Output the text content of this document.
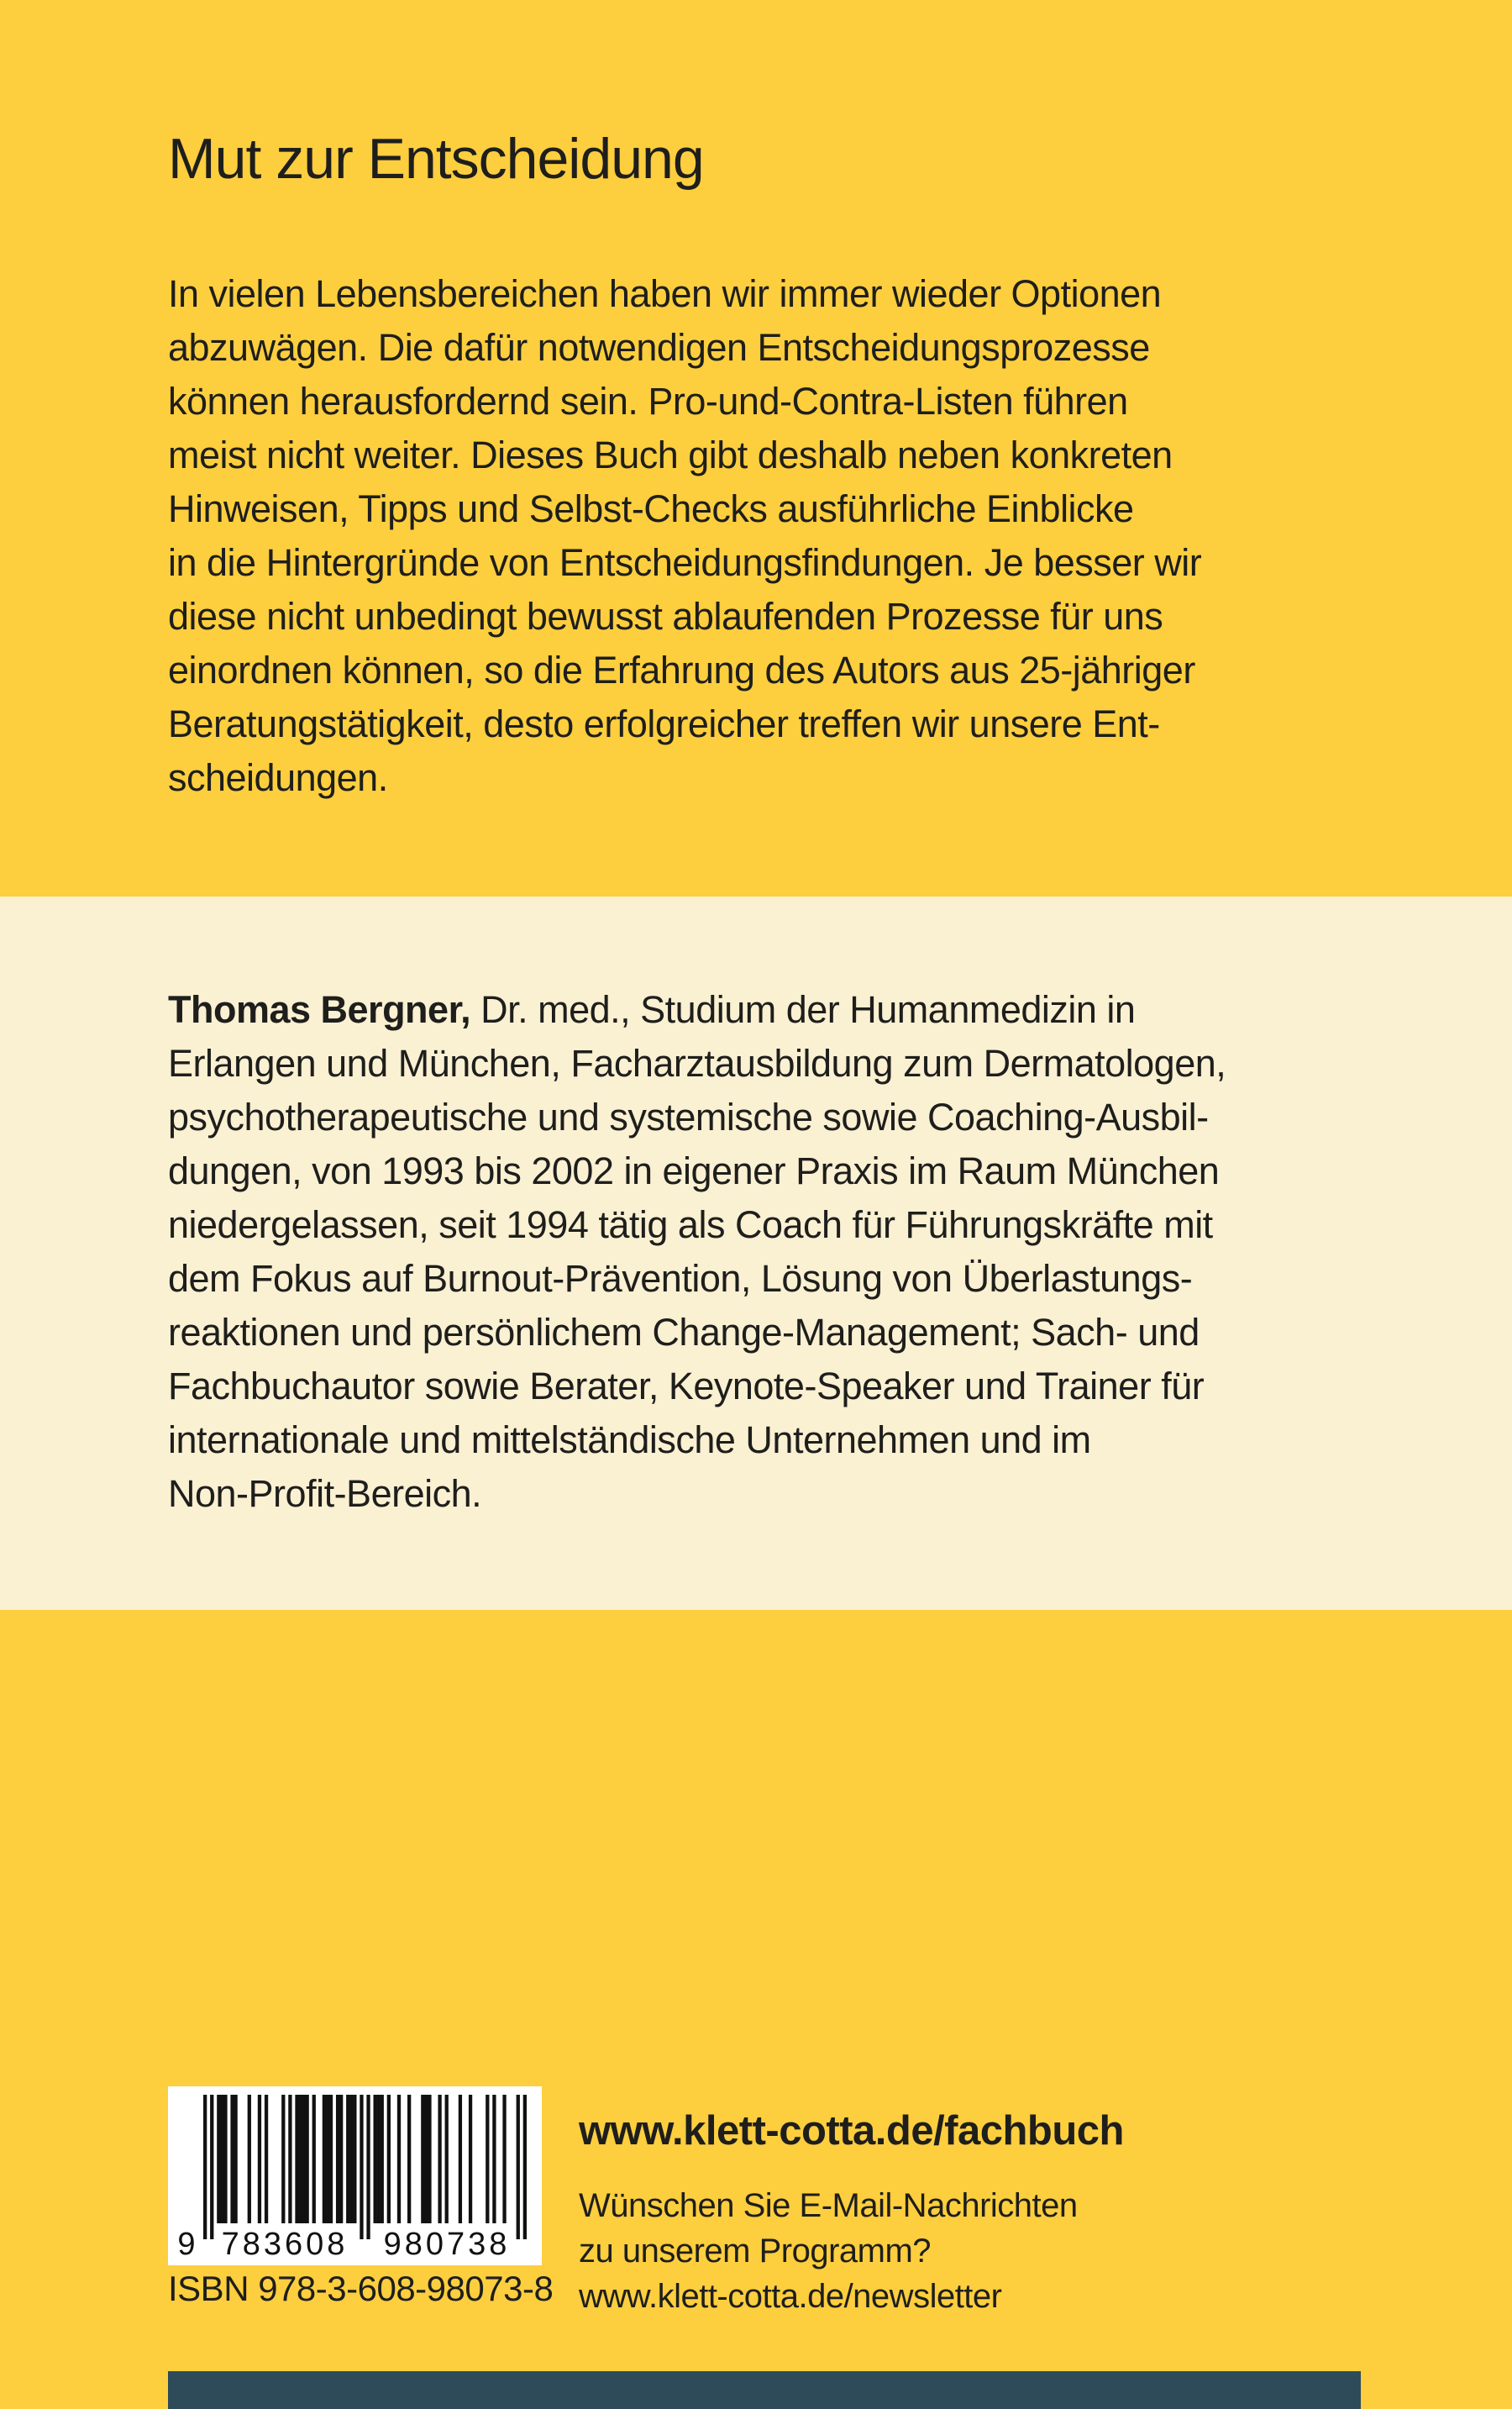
Mut zur Entscheidung
In vielen Lebensbereichen haben wir immer wieder Optionen
abzuwägen. Die dafür notwendigen Entscheidungsprozesse
können herausfordernd sein. Pro-und-Contra-Listen führen
meist nicht weiter. Dieses Buch gibt deshalb neben konkreten
Hinweisen, Tipps und Selbst-Checks ausführliche Einblicke
in die Hintergründe von Entscheidungsfindungen. Je besser wir
diese nicht unbedingt bewusst ablaufenden Prozesse für uns
einordnen können, so die Erfahrung des Autors aus 25-jähriger
Beratungstätigkeit, desto erfolgreicher treffen wir unsere Ent-
scheidungen.
Thomas Bergner, Dr. med., Studium der Humanmedizin in
Erlangen und München, Facharztausbildung zum Dermatologen,
psychotherapeutische und systemische sowie Coaching-Ausbil-
dungen, von 1993 bis 2002 in eigener Praxis im Raum München
niedergelassen, seit 1994 tätig als Coach für Führungskräfte mit
dem Fokus auf Burnout-Prävention, Lösung von Überlastungs-
reaktionen und persönlichem Change-Management; Sach- und
Fachbuchautor sowie Berater, Keynote-Speaker und Trainer für
internationale und mittelständische Unternehmen und im
Non-Profit-Bereich.
9 783608 980738
ISBN 978-3-608-98073-8
www.klett-cotta.de/fachbuch
Wünschen Sie E-Mail-Nachrichten
zu unserem Programm?
www.klett-cotta.de/newsletter
